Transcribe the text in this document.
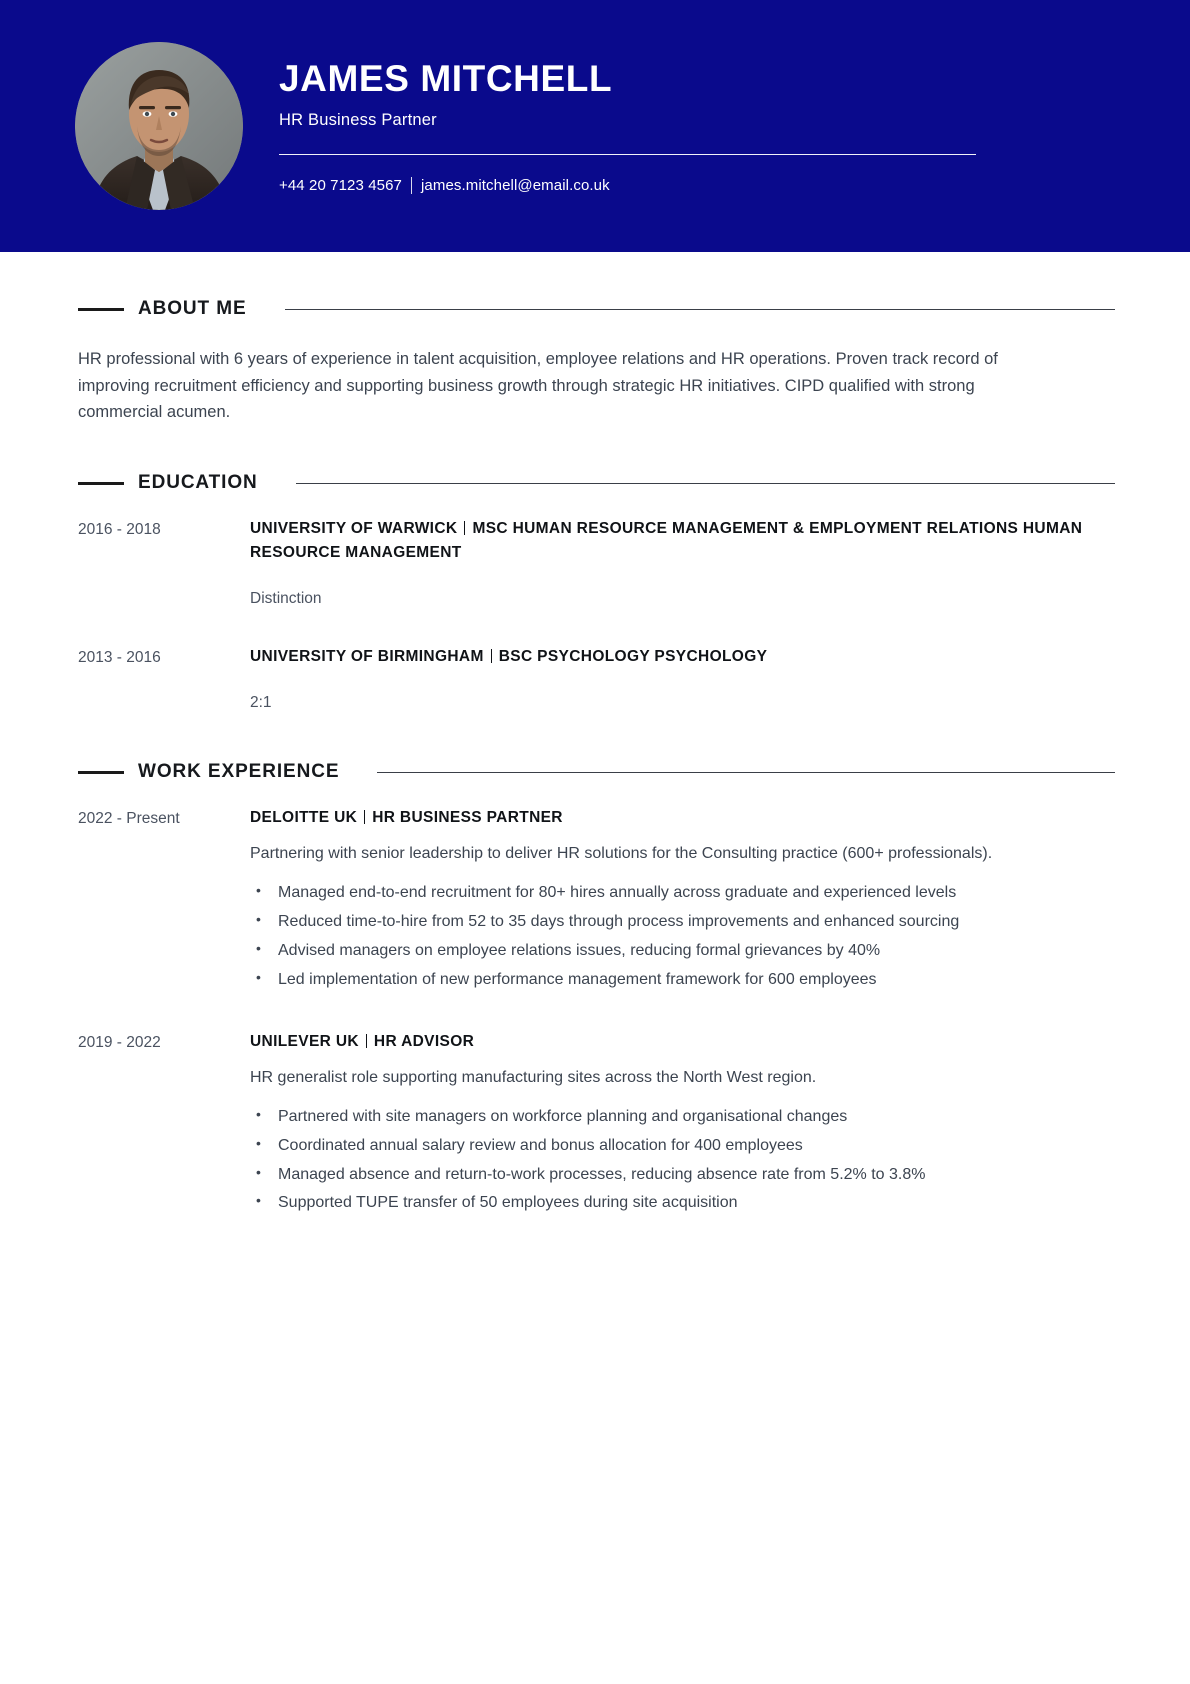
JAMES MITCHELL
HR Business Partner
+44 20 7123 4567 james.mitchell@email.co.uk
ABOUT ME
HR professional with 6 years of experience in talent acquisition, employee relations and HR operations. Proven track record of improving recruitment efficiency and supporting business growth through strategic HR initiatives. CIPD qualified with strong commercial acumen.
EDUCATION
2016 - 2018	UNIVERSITY OF WARWICK MSC HUMAN RESOURCE MANAGEMENT & EMPLOYMENT RELATIONS HUMAN RESOURCE MANAGEMENT
Distinction
2013 - 2016	UNIVERSITY OF BIRMINGHAM BSC PSYCHOLOGY PSYCHOLOGY
2:1
WORK EXPERIENCE
2022 - Present	DELOITTE UK HR BUSINESS PARTNER
Partnering with senior leadership to deliver HR solutions for the Consulting practice (600+ professionals).
• Managed end-to-end recruitment for 80+ hires annually across graduate and experienced levels
• Reduced time-to-hire from 52 to 35 days through process improvements and enhanced sourcing
• Advised managers on employee relations issues, reducing formal grievances by 40%
• Led implementation of new performance management framework for 600 employees
2019 - 2022	UNILEVER UK HR ADVISOR
HR generalist role supporting manufacturing sites across the North West region.
• Partnered with site managers on workforce planning and organisational changes
• Coordinated annual salary review and bonus allocation for 400 employees
• Managed absence and return-to-work processes, reducing absence rate from 5.2% to 3.8%
• Supported TUPE transfer of 50 employees during site acquisition
